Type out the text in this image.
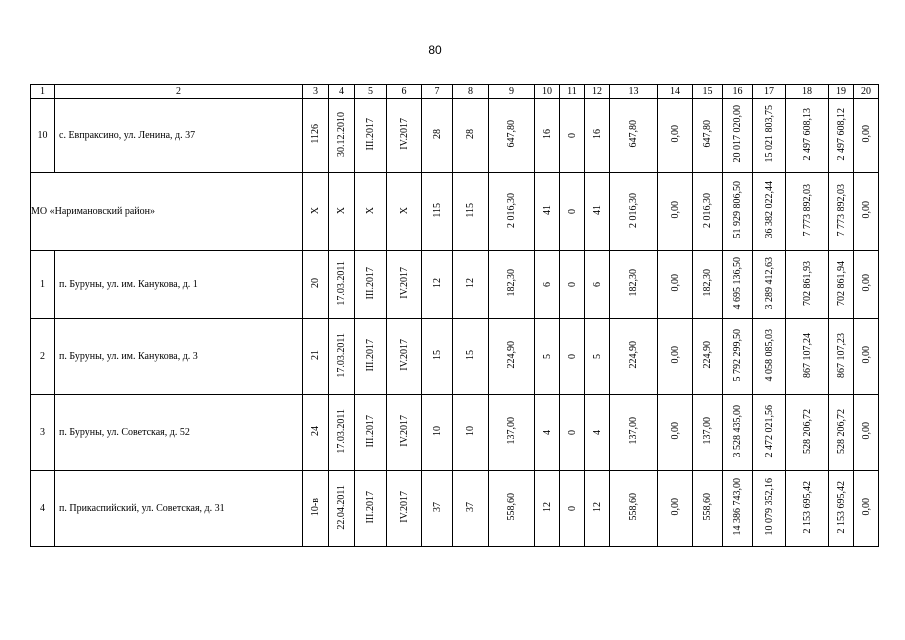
80
1	2	3	4	5	6	7	8	9	10	11	12	13	14	15	16	17	18	19	20
10	с. Евпраксино, ул. Ленина, д. 37	1126	30.12.2010	III.2017	IV.2017	28	28	647,80	16	0	16	647,80	0,00	647,80	20 017 020,00	15 021 803,75	2 497 608,13	2 497 608,12	0,00
МО «Наримановский район»		X	X	X	X	115	115	2 016,30	41	0	41	2 016,30	0,00	2 016,30	51 929 806,50	36 382 022,44	7 773 892,03	7 773 892,03	0,00
1	п. Буруны, ул. им. Канукова, д. 1	20	17.03.2011	III.2017	IV.2017	12	12	182,30	6	0	6	182,30	0,00	182,30	4 695 136,50	3 289 412,63	702 861,93	702 861,94	0,00
2	п. Буруны, ул. им. Канукова, д. 3	21	17.03.2011	III.2017	IV.2017	15	15	224,90	5	0	5	224,90	0,00	224,90	5 792 299,50	4 058 085,03	867 107,24	867 107,23	0,00
3	п. Буруны, ул. Советская, д. 52	24	17.03.2011	III.2017	IV.2017	10	10	137,00	4	0	4	137,00	0,00	137,00	3 528 435,00	2 472 021,56	528 206,72	528 206,72	0,00
4	п. Прикаспийский, ул. Советская, д. 31	10-в	22.04.2011	III.2017	IV.2017	37	37	558,60	12	0	12	558,60	0,00	558,60	14 386 743,00	10 079 352,16	2 153 695,42	2 153 695,42	0,00
